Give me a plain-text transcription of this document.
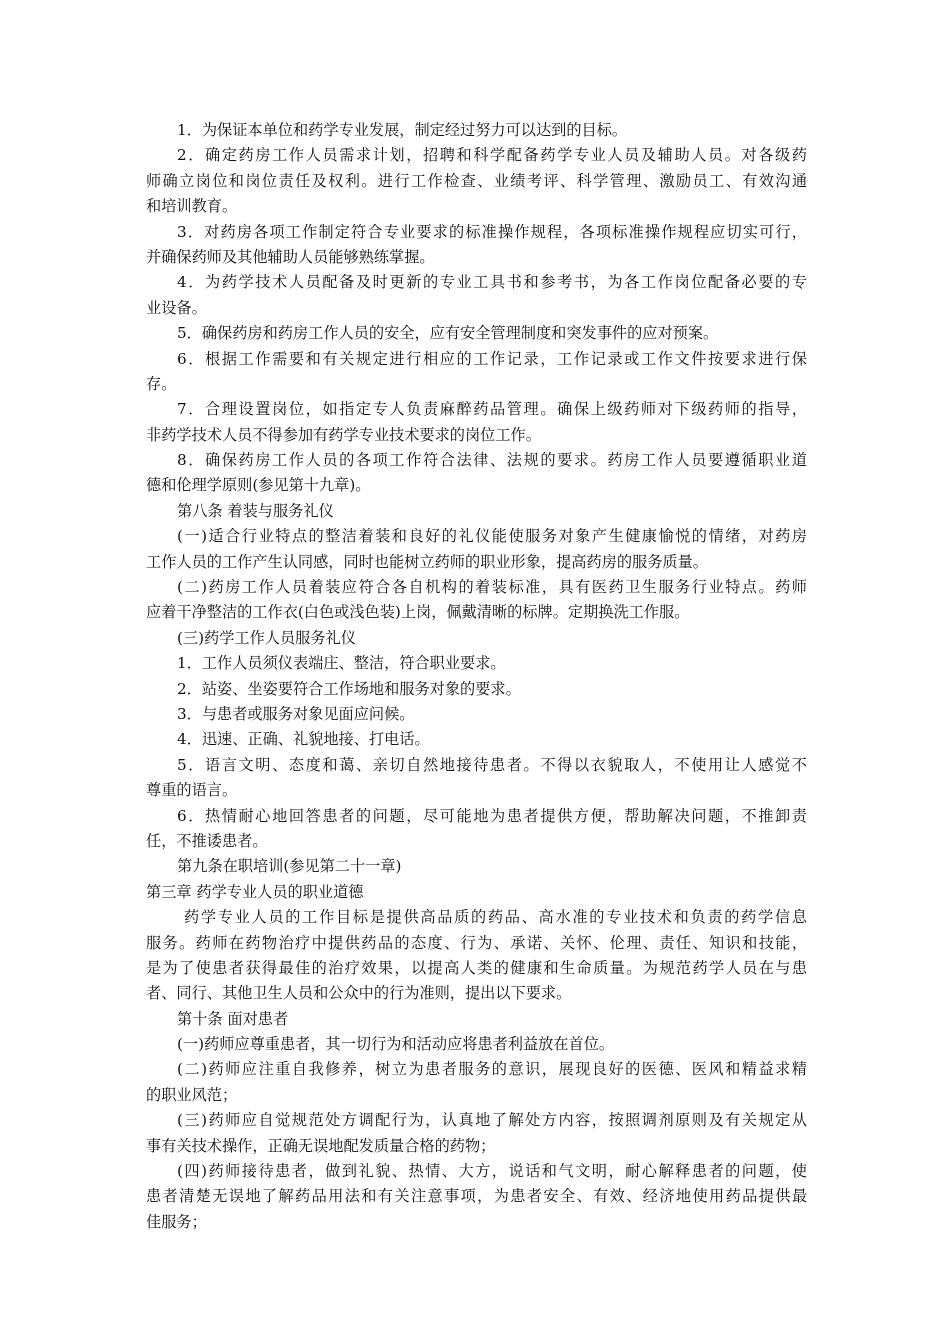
1．为保证本单位和药学专业发展，制定经过努力可以达到的目标。
2．确定药房工作人员需求计划，招聘和科学配备药学专业人员及辅助人员。对各级药
师确立岗位和岗位责任及权利。进行工作检查、业绩考评、科学管理、激励员工、有效沟通
和培训教育。
3．对药房各项工作制定符合专业要求的标准操作规程，各项标准操作规程应切实可行，
并确保药师及其他辅助人员能够熟练掌握。
4．为药学技术人员配备及时更新的专业工具书和参考书，为各工作岗位配备必要的专
业设备。
5．确保药房和药房工作人员的安全，应有安全管理制度和突发事件的应对预案。
6．根据工作需要和有关规定进行相应的工作记录，工作记录或工作文件按要求进行保
存。
7．合理设置岗位，如指定专人负责麻醉药品管理。确保上级药师对下级药师的指导，
非药学技术人员不得参加有药学专业技术要求的岗位工作。
8．确保药房工作人员的各项工作符合法律、法规的要求。药房工作人员要遵循职业道
德和伦理学原则(参见第十九章)。
第八条 着装与服务礼仪
(一)适合行业特点的整洁着装和良好的礼仪能使服务对象产生健康愉悦的情绪，对药房
工作人员的工作产生认同感，同时也能树立药师的职业形象，提高药房的服务质量。
(二)药房工作人员着装应符合各自机构的着装标准，具有医药卫生服务行业特点。药师
应着干净整洁的工作衣(白色或浅色装)上岗，佩戴清晰的标牌。定期换洗工作服。
(三)药学工作人员服务礼仪
1．工作人员须仪表端庄、整洁，符合职业要求。
2．站姿、坐姿要符合工作场地和服务对象的要求。
3．与患者或服务对象见面应问候。
4．迅速、正确、礼貌地接、打电话。
5．语言文明、态度和蔼、亲切自然地接待患者。不得以衣貌取人，不使用让人感觉不
尊重的语言。
6．热情耐心地回答患者的问题，尽可能地为患者提供方便，帮助解决问题，不推卸责
任，不推诿患者。
第九条在职培训(参见第二十一章)
第三章 药学专业人员的职业道德
药学专业人员的工作目标是提供高品质的药品、高水准的专业技术和负责的药学信息
服务。药师在药物治疗中提供药品的态度、行为、承诺、关怀、伦理、责任、知识和技能，
是为了使患者获得最佳的治疗效果，以提高人类的健康和生命质量。为规范药学人员在与患
者、同行、其他卫生人员和公众中的行为准则，提出以下要求。
第十条 面对患者
(一)药师应尊重患者，其一切行为和活动应将患者利益放在首位。
(二)药师应注重自我修养，树立为患者服务的意识，展现良好的医德、医风和精益求精
的职业风范；
(三)药师应自觉规范处方调配行为，认真地了解处方内容，按照调剂原则及有关规定从
事有关技术操作，正确无误地配发质量合格的药物；
(四)药师接待患者，做到礼貌、热情、大方，说话和气文明，耐心解释患者的问题，使
患者清楚无误地了解药品用法和有关注意事项，为患者安全、有效、经济地使用药品提供最
佳服务；
